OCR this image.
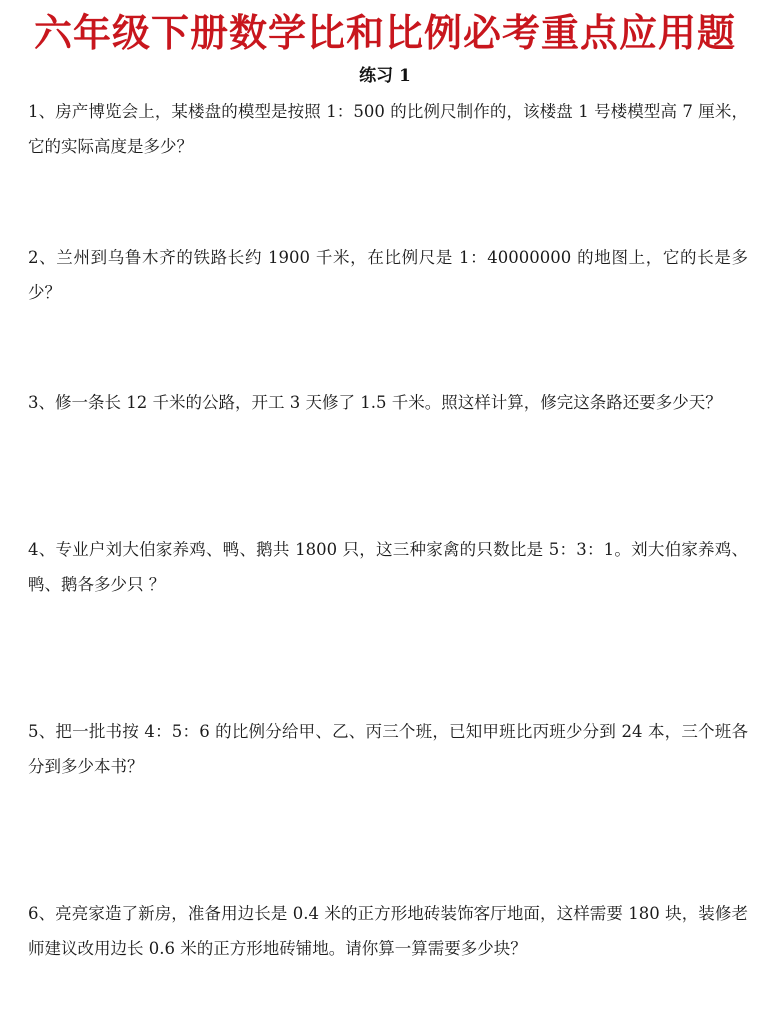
六年级下册数学比和比例必考重点应用题
练习 1
1、房产博览会上，某楼盘的模型是按照 1：500 的比例尺制作的，该楼盘 1 号楼模型高 7 厘米，它的实际高度是多少？
2、兰州到乌鲁木齐的铁路长约 1900 千米，在比例尺是 1：40000000 的地图上，它的长是多少？
3、修一条长 12 千米的公路，开工 3 天修了 1.5 千米。照这样计算，修完这条路还要多少天？
4、专业户刘大伯家养鸡、鸭、鹅共 1800 只，这三种家禽的只数比是 5：3：1。刘大伯家养鸡、鸭、鹅各多少只 ？
5、把一批书按 4：5：6 的比例分给甲、乙、丙三个班，已知甲班比丙班少分到 24 本，三个班各分到多少本书？
6、亮亮家造了新房，准备用边长是 0.4 米的正方形地砖装饰客厅地面，这样需要 180 块，装修老师建议改用边长 0.6 米的正方形地砖铺地。请你算一算需要多少块？
